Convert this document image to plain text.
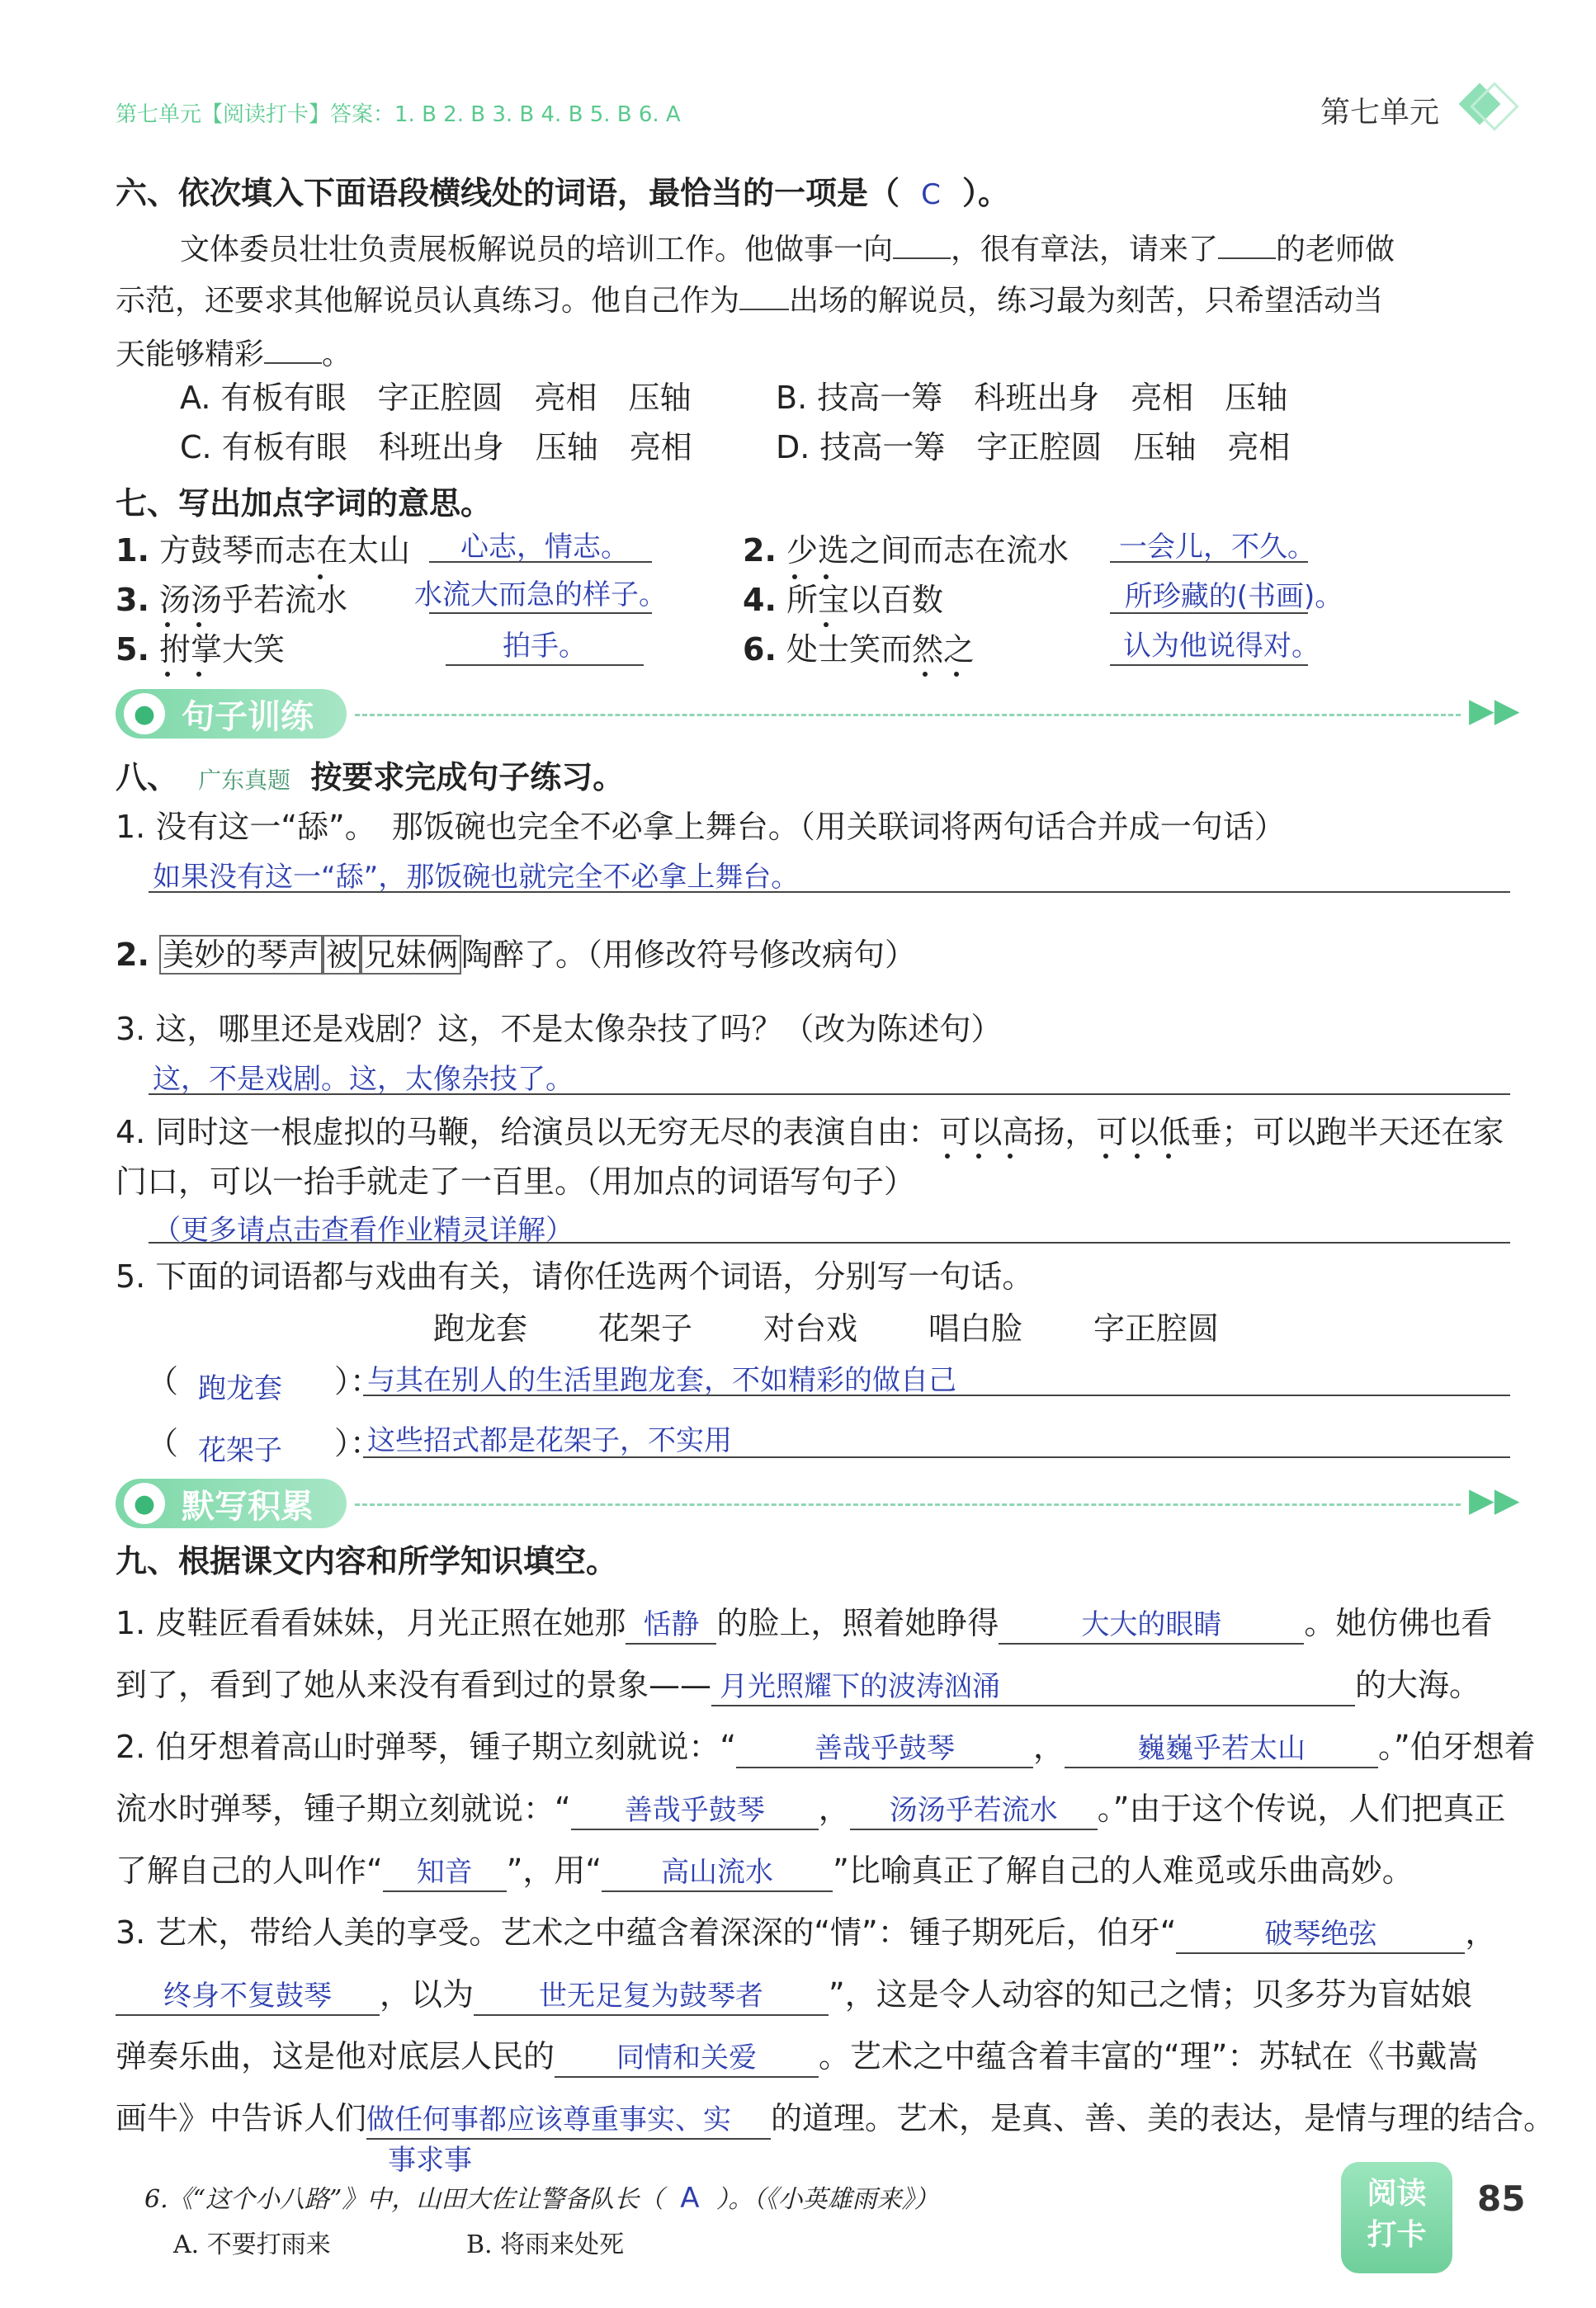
第七单元【阅读打卡】答案：1. B 2. B 3. B 4. B 5. B 6. A	第七单元
六、依次填入下面语段横线处的词语，最恰当的一项是（ C ）。
文体委员壮壮负责展板解说员的培训工作。他做事一向 ，很有章法，请来了 的老师做
示范，还要求其他解说员认真练习。他自己作为 出场的解说员，练习最为刻苦，只希望活动当
天能够精彩 。
A. 有板有眼　字正腔圆　亮相　压轴	B. 技高一筹　科班出身　亮相　压轴
C. 有板有眼　科班出身　压轴　亮相	D. 技高一筹　字正腔圆　压轴　亮相
七、写出加点字词的意思。
1. 方鼓琴而志在太山	心志，情志。	2. 少选之间而志在流水	一会儿，不久。
3. 汤汤乎若流水	水流大而急的样子。	4. 所宝以百数	所珍藏的(书画)。
5. 拊掌大笑	拍手。	6. 处士笑而然之	认为他说得对。
● 句子训练	▶▶
八、 广东真题 按要求完成句子练习。
1. 没有这一“舔”。　那饭碗也完全不必拿上舞台。（用关联词将两句话合并成一句话）
如果没有这一“舔”，那饭碗也就完全不必拿上舞台。
2. 美妙的琴声 被 兄妹俩 陶醉了。（用修改符号修改病句）
3. 这，哪里还是戏剧？这，不是太像杂技了吗？（改为陈述句）
这，不是戏剧。这，太像杂技了。
4. 同时这一根虚拟的马鞭，给演员以无穷无尽的表演自由：可以高扬，可以低垂；可以跑半天还在家
门口，可以一抬手就走了一百里。（用加点的词语写句子）
（更多请点击查看作业精灵详解）
5. 下面的词语都与戏曲有关，请你任选两个词语，分别写一句话。
跑龙套 花架子 对台戏 唱白脸 字正腔圆
（ 跑龙套 ）：
与其在别人的生活里跑龙套，不如精彩的做自己
（ 花架子 ）：
这些招式都是花架子，不实用
● 默写积累	▶▶
九、根据课文内容和所学知识填空。
1. 皮鞋匠看看妹妹，月光正照在她那 恬静 的脸上，照着她睁得	大大的眼睛	。她仿佛也看
到了，看到了她从来没有看到过的景象—— 月光照耀下的波涛汹涌	的大海。
2. 伯牙想着高山时弹琴，锺子期立刻就说：“	善哉乎鼓琴	，	巍巍乎若太山 。”伯牙想着
流水时弹琴，锺子期立刻就说：“ 善哉乎鼓琴 ， 汤汤乎若流水 。”由于这个传说，人们把真正
了解自己的人叫作“ 知音 ”，用“ 高山流水 ”比喻真正了解自己的人难觅或乐曲高妙。
3. 艺术，带给人美的享受。艺术之中蕴含着深深的“情”：锺子期死后，伯牙“	破琴绝弦	，
终身不复鼓琴 ，以为 世无足复为鼓琴者 ”，这是令人动容的知己之情；贝多芬为盲姑娘
弹奏乐曲，这是他对底层人民的 同情和关爱 。艺术之中蕴含着丰富的“理”：苏轼在《书戴嵩
画牛》中告诉人们做任何事都应该尊重事实、实 的道理。艺术，是真、善、美的表达，是情与理的结合。
事求事
6.《“这个小八路”》中，山田大佐让警备队长（ A ）。（《小英雄雨来》）
A. 不要打雨来	B. 将雨来处死
阅读
打卡
85
